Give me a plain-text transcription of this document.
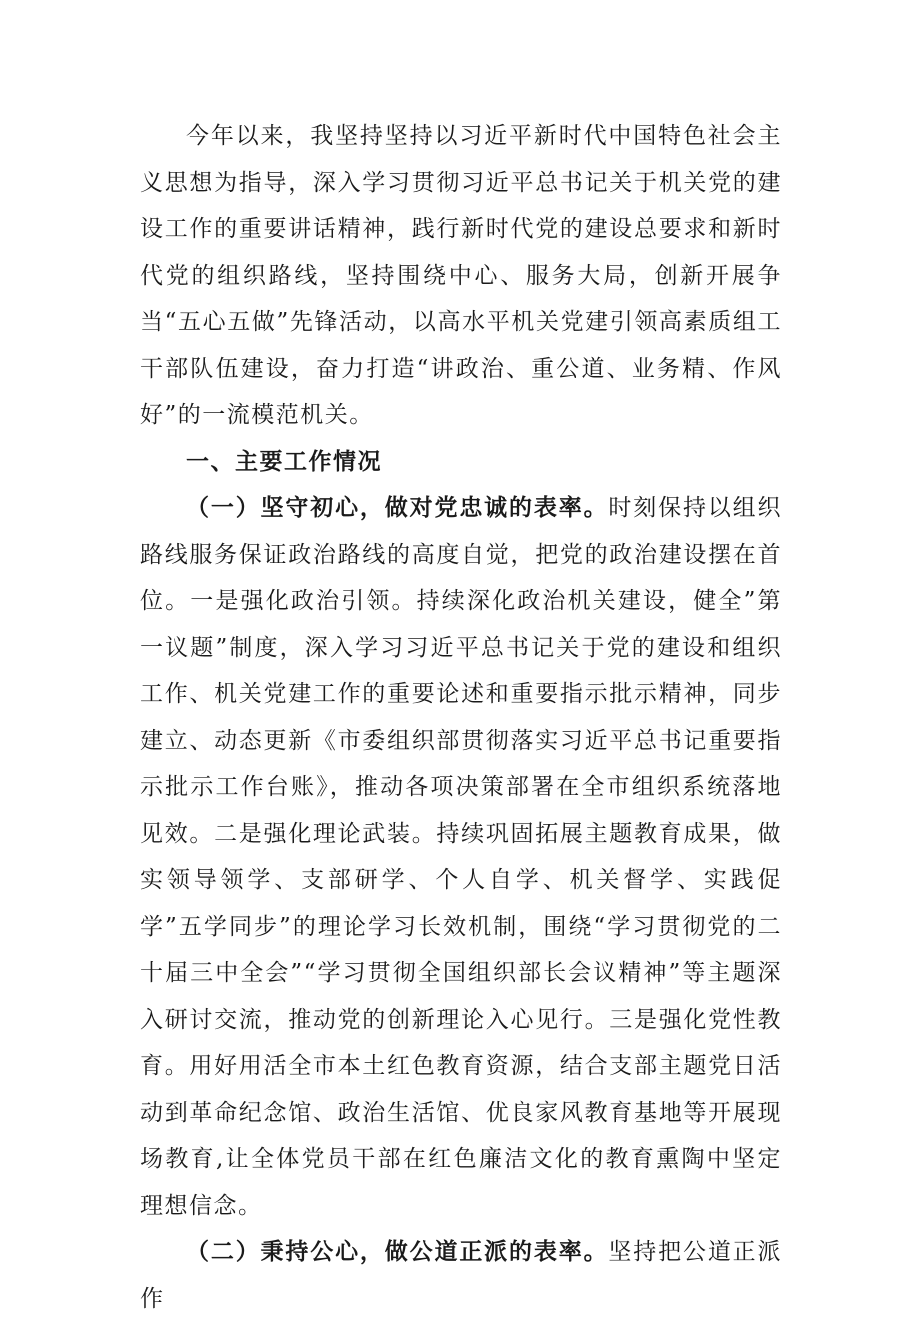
今年以来，我坚持坚持以习近平新时代中国特色社会主义思想为指导，深入学习贯彻习近平总书记关于机关党的建设工作的重要讲话精神，践行新时代党的建设总要求和新时代党的组织路线，坚持围绕中心、服务大局，创新开展争当“五心五做”先锋活动，以高水平机关党建引领高素质组工干部队伍建设，奋力打造“讲政治、重公道、业务精、作风好”的一流模范机关。

一、主要工作情况

（一）坚守初心，做对党忠诚的表率。时刻保持以组织路线服务保证政治路线的高度自觉，把党的政治建设摆在首位。一是强化政治引领。持续深化政治机关建设，健全”第一议题”制度，深入学习习近平总书记关于党的建设和组织工作、机关党建工作的重要论述和重要指示批示精神，同步建立、动态更新《市委组织部贯彻落实习近平总书记重要指示批示工作台账》，推动各项决策部署在全市组织系统落地见效。二是强化理论武装。持续巩固拓展主题教育成果，做实领导领学、支部研学、个人自学、机关督学、实践促学”五学同步”的理论学习长效机制，围绕“学习贯彻党的二十届三中全会”“学习贯彻全国组织部长会议精神”等主题深入研讨交流，推动党的创新理论入心见行。三是强化党性教育。用好用活全市本土红色教育资源，结合支部主题党日活动到革命纪念馆、政治生活馆、优良家风教育基地等开展现场教育,让全体党员干部在红色廉洁文化的教育熏陶中坚定理想信念。

（二）秉持公心，做公道正派的表率。坚持把公道正派作
